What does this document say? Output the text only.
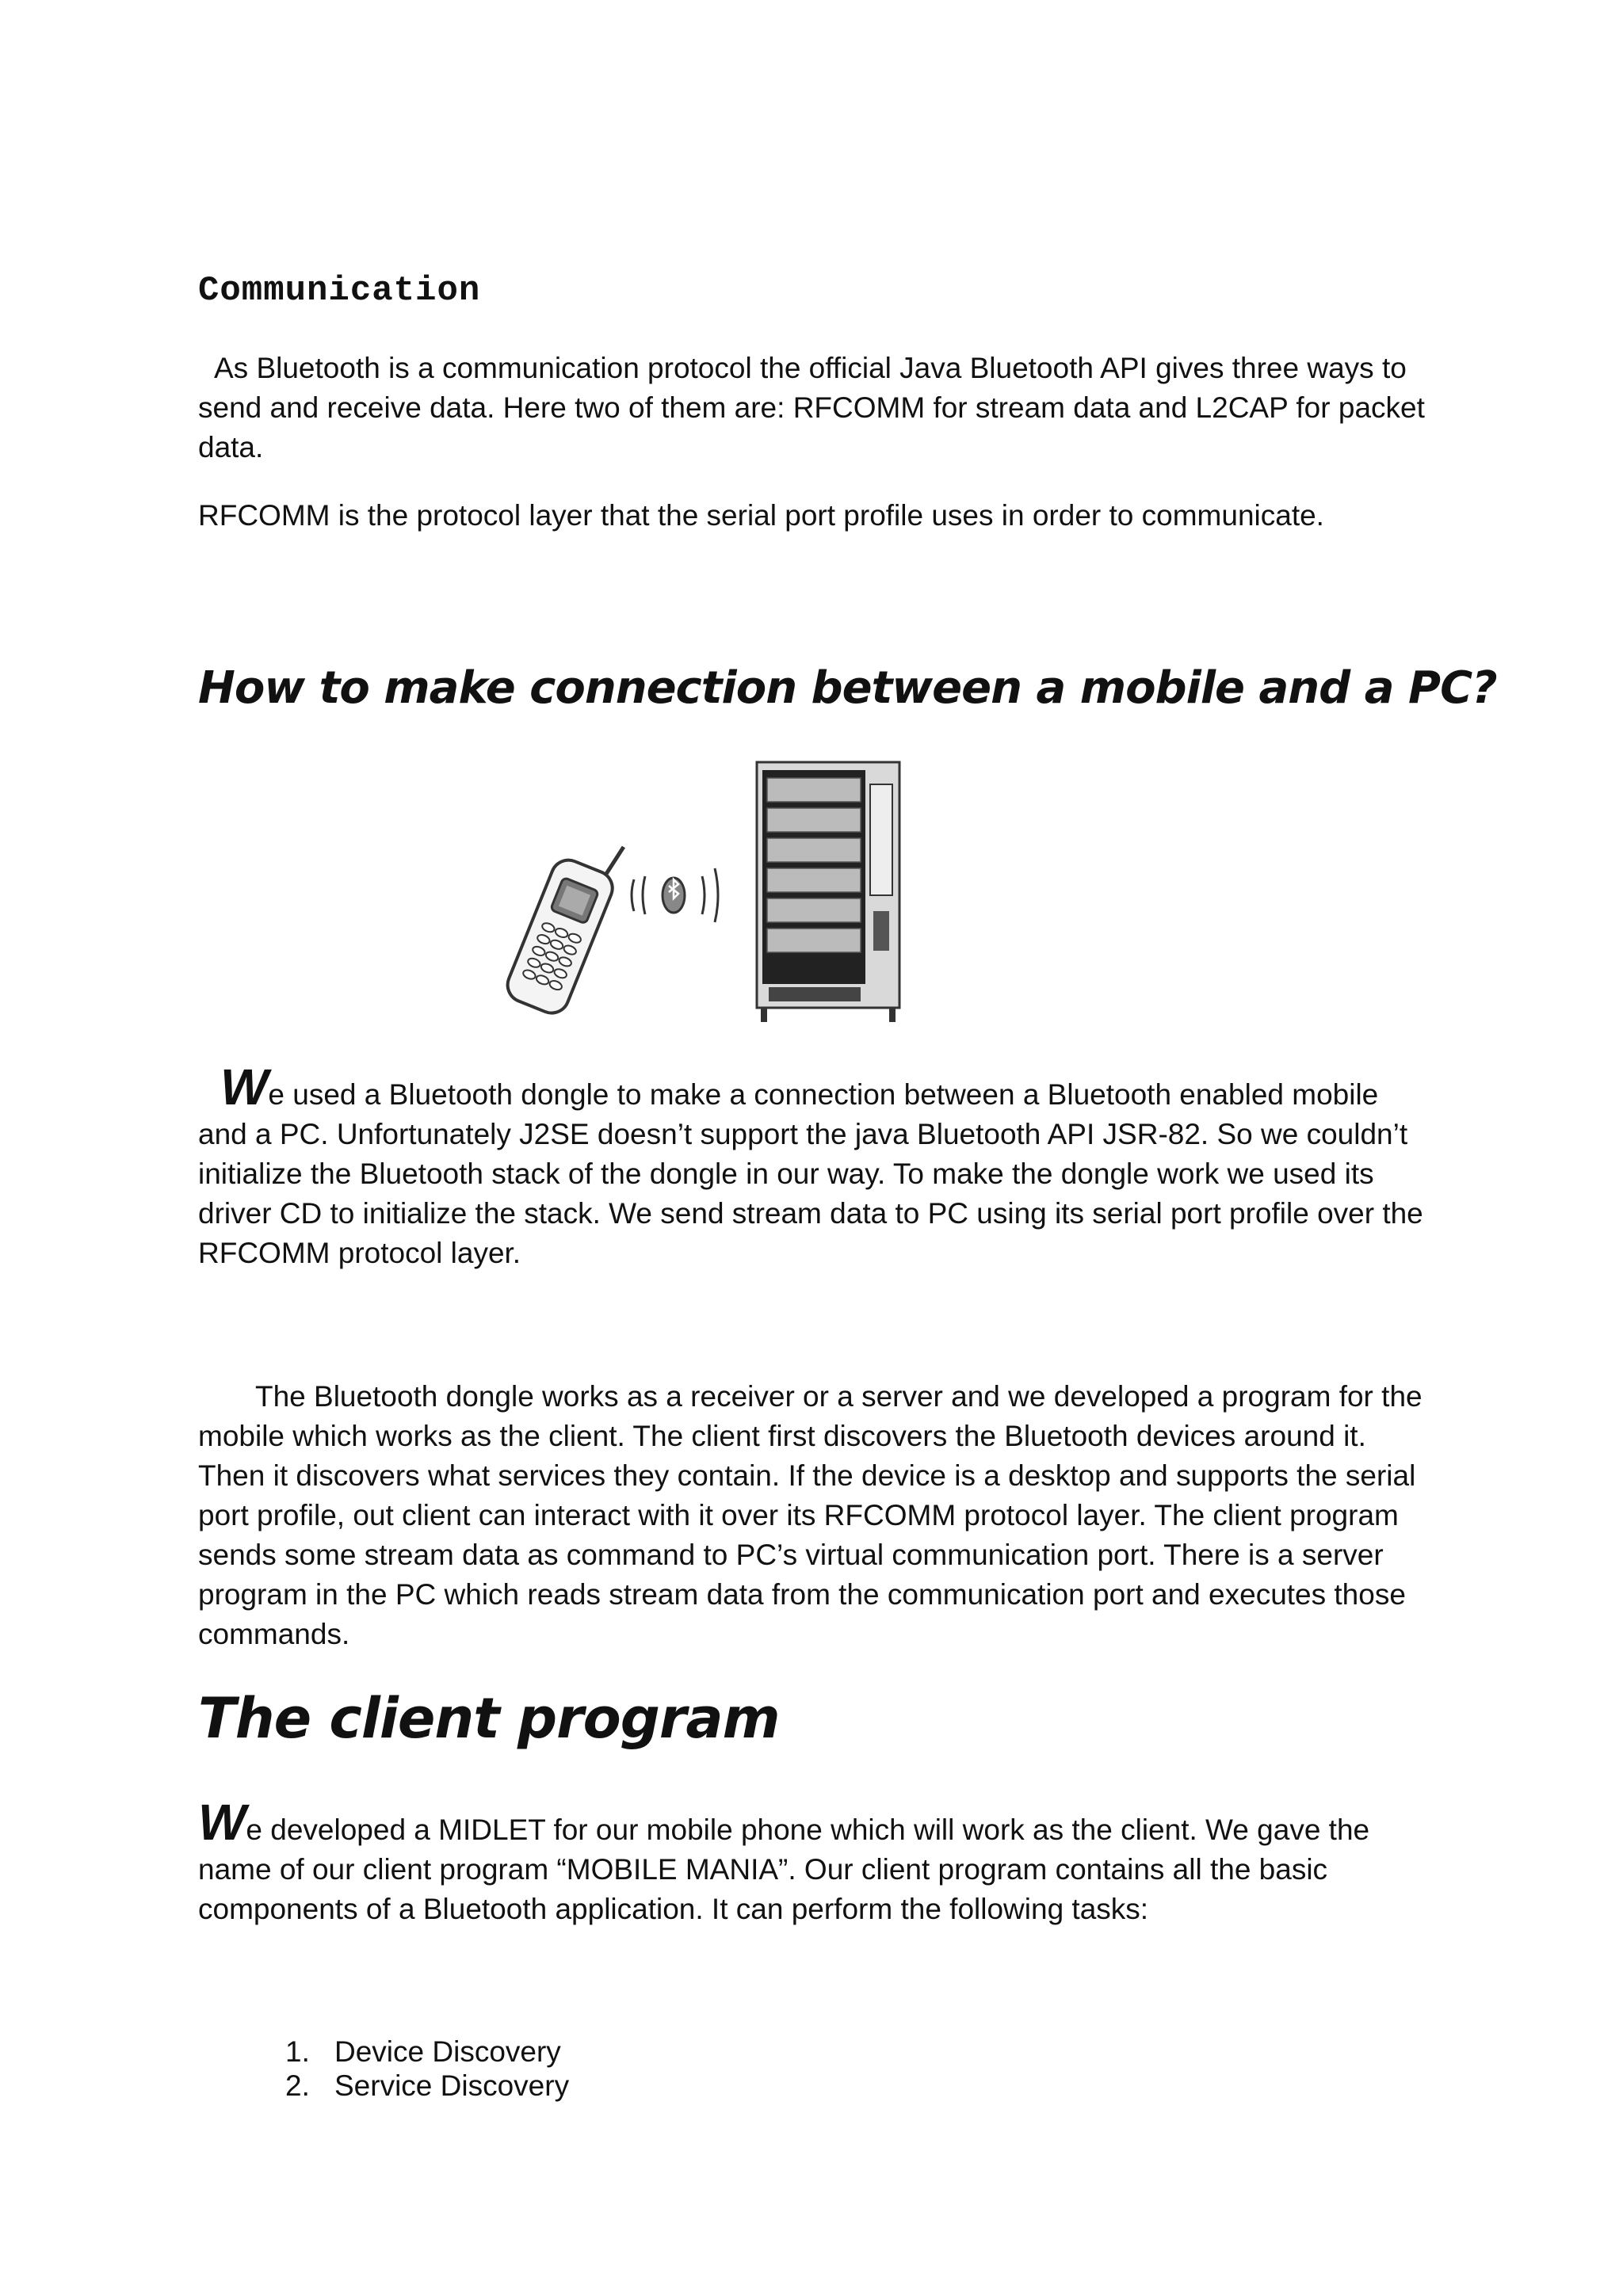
Communication

As Bluetooth is a communication protocol the official Java Bluetooth API gives three ways to send and receive data. Here two of them are: RFCOMM for stream data and L2CAP for packet data.

RFCOMM is the protocol layer that the serial port profile uses in order to communicate.

How to make connection between a mobile and a PC?

We used a Bluetooth dongle to make a connection between a Bluetooth enabled mobile and a PC. Unfortunately J2SE doesn’t support the java Bluetooth API JSR-82. So we couldn’t initialize the Bluetooth stack of the dongle in our way. To make the dongle work we used its driver CD to initialize the stack. We send stream data to PC using its serial port profile over the RFCOMM protocol layer.

The Bluetooth dongle works as a receiver or a server and we developed a program for the mobile which works as the client. The client first discovers the Bluetooth devices around it. Then it discovers what services they contain. If the device is a desktop and supports the serial port profile, out client can interact with it over its RFCOMM protocol layer. The client program sends some stream data as command to PC’s virtual communication port. There is a server program in the PC which reads stream data from the communication port and executes those commands.

The client program

We developed a MIDLET for our mobile phone which will work as the client. We gave the name of our client program “MOBILE MANIA”. Our client program contains all the basic components of a Bluetooth application. It can perform the following tasks:

1. Device Discovery
2. Service Discovery
